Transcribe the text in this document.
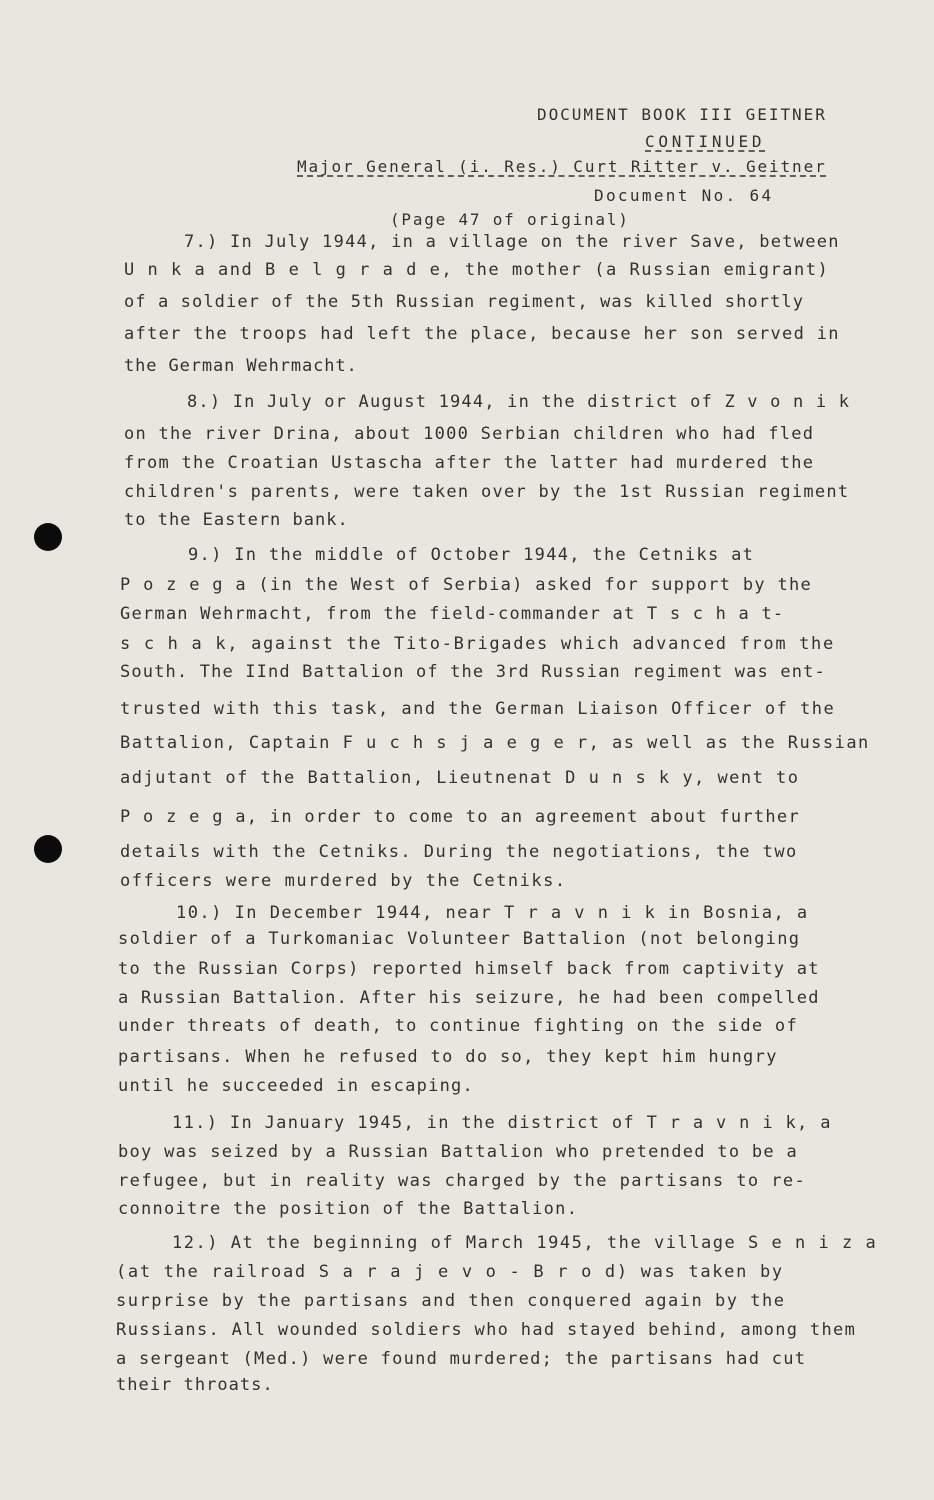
DOCUMENT BOOK III GEITNER
CONTINUED
Major General (i. Res.) Curt Ritter v. Geitner
Document No. 64
(Page 47 of original)
7.) In July 1944, in a village on the river Save, between
U n k a and B e l g r a d e, the mother (a Russian emigrant)
of a soldier of the 5th Russian regiment, was killed shortly
after the troops had left the place, because her son served in
the German Wehrmacht.
8.) In July or August 1944, in the district of Z v o n i k
on the river Drina, about 1000 Serbian children who had fled
from the Croatian Ustascha after the latter had murdered the
children's parents, were taken over by the 1st Russian regiment
to the Eastern bank.
9.) In the middle of October 1944, the Cetniks at
P o z e g a (in the West of Serbia) asked for support by the
German Wehrmacht, from the field-commander at T s c h a t-
s c h a k, against the Tito-Brigades which advanced from the
South. The IInd Battalion of the 3rd Russian regiment was ent-
trusted with this task, and the German Liaison Officer of the
Battalion, Captain F u c h s j a e g e r, as well as the Russian
adjutant of the Battalion, Lieutnenat D u n s k y, went to
P o z e g a, in order to come to an agreement about further
details with the Cetniks. During the negotiations, the two
officers were murdered by the Cetniks.
10.) In December 1944, near T r a v n i k in Bosnia, a
soldier of a Turkomaniac Volunteer Battalion (not belonging
to the Russian Corps) reported himself back from captivity at
a Russian Battalion. After his seizure, he had been compelled
under threats of death, to continue fighting on the side of
partisans. When he refused to do so, they kept him hungry
until he succeeded in escaping.
11.) In January 1945, in the district of T r a v n i k, a
boy was seized by a Russian Battalion who pretended to be a
refugee, but in reality was charged by the partisans to re-
connoitre the position of the Battalion.
12.) At the beginning of March 1945, the village S e n i z a
(at the railroad S a r a j e v o - B r o d) was taken by
surprise by the partisans and then conquered again by the
Russians. All wounded soldiers who had stayed behind, among them
a sergeant (Med.) were found murdered; the partisans had cut
their throats.
